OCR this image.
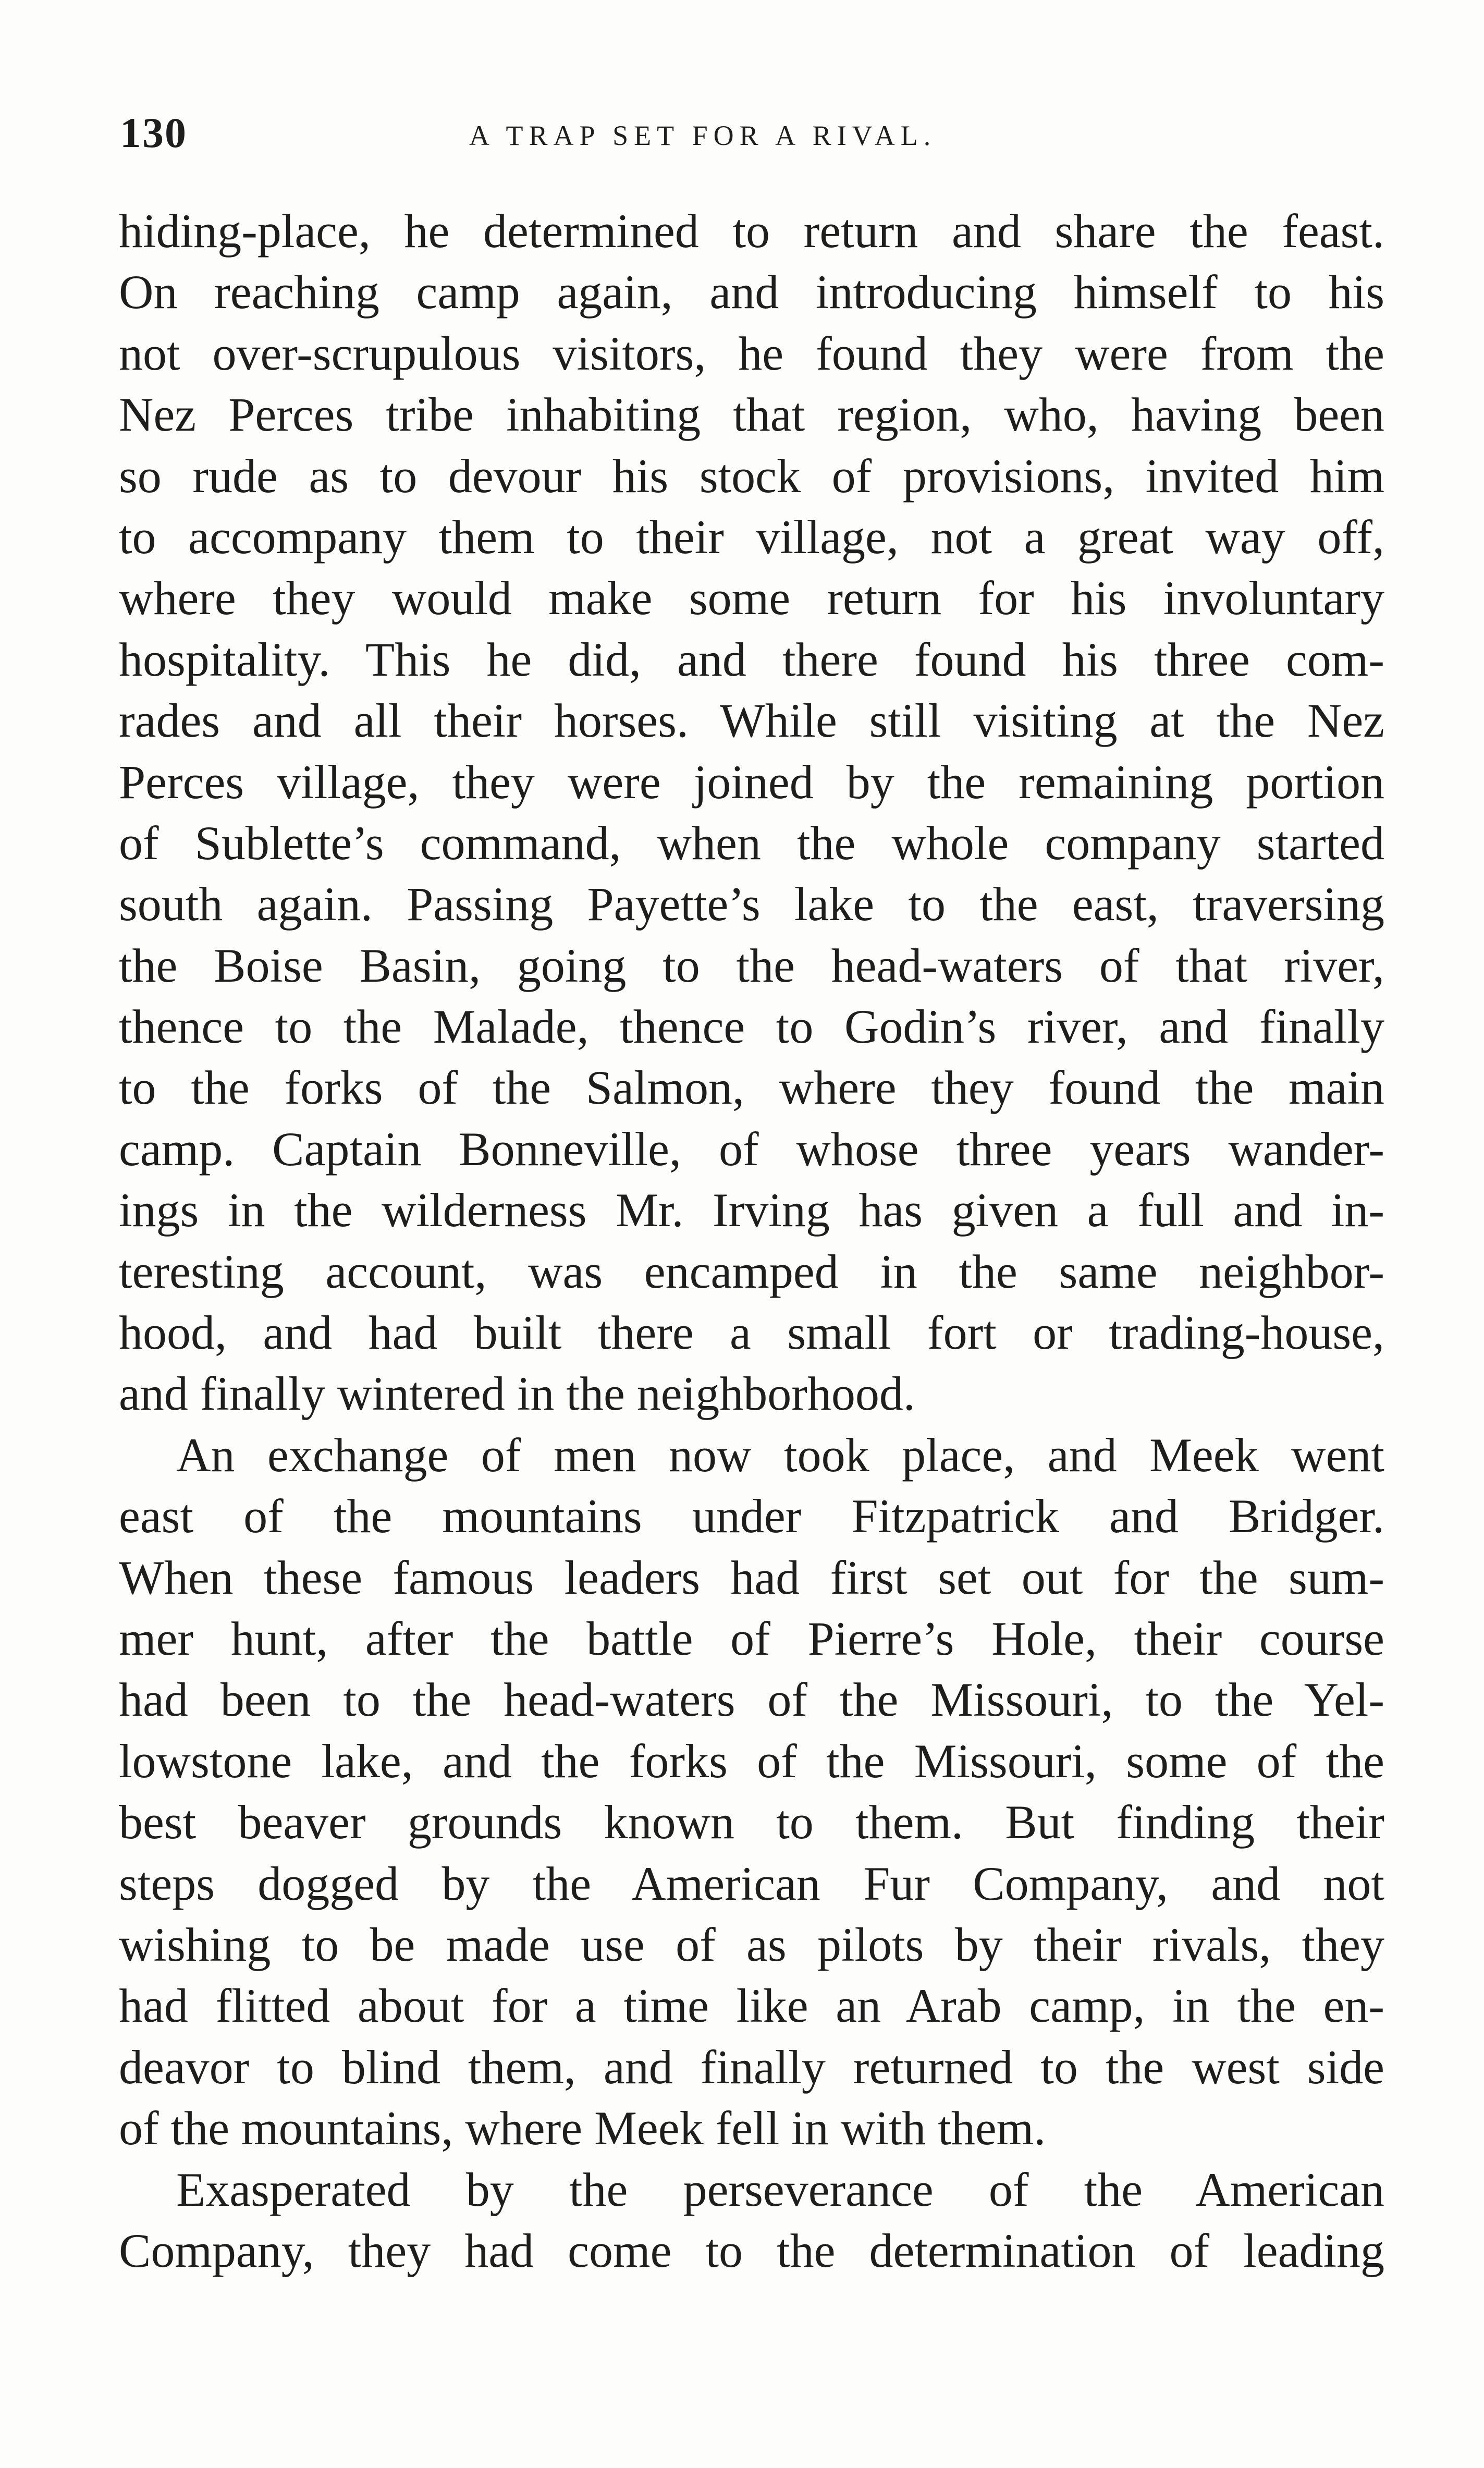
130	A TRAP SET FOR A RIVAL.
hiding-place, he determined to return and share the feast.
On reaching camp again, and introducing himself to his
not over-scrupulous visitors, he found they were from the
Nez Perces tribe inhabiting that region, who, having been
so rude as to devour his stock of provisions, invited him
to accompany them to their village, not a great way off,
where they would make some return for his involuntary
hospitality. This he did, and there found his three com-
rades and all their horses. While still visiting at the Nez
Perces village, they were joined by the remaining portion
of Sublette’s command, when the whole company started
south again. Passing Payette’s lake to the east, traversing
the Boise Basin, going to the head-waters of that river,
thence to the Malade, thence to Godin’s river, and finally
to the forks of the Salmon, where they found the main
camp. Captain Bonneville, of whose three years wander-
ings in the wilderness Mr. Irving has given a full and in-
teresting account, was encamped in the same neighbor-
hood, and had built there a small fort or trading-house,
and finally wintered in the neighborhood.
An exchange of men now took place, and Meek went
east of the mountains under Fitzpatrick and Bridger.
When these famous leaders had first set out for the sum-
mer hunt, after the battle of Pierre’s Hole, their course
had been to the head-waters of the Missouri, to the Yel-
lowstone lake, and the forks of the Missouri, some of the
best beaver grounds known to them. But finding their
steps dogged by the American Fur Company, and not
wishing to be made use of as pilots by their rivals, they
had flitted about for a time like an Arab camp, in the en-
deavor to blind them, and finally returned to the west side
of the mountains, where Meek fell in with them.
Exasperated by the perseverance of the American
Company, they had come to the determination of leading
